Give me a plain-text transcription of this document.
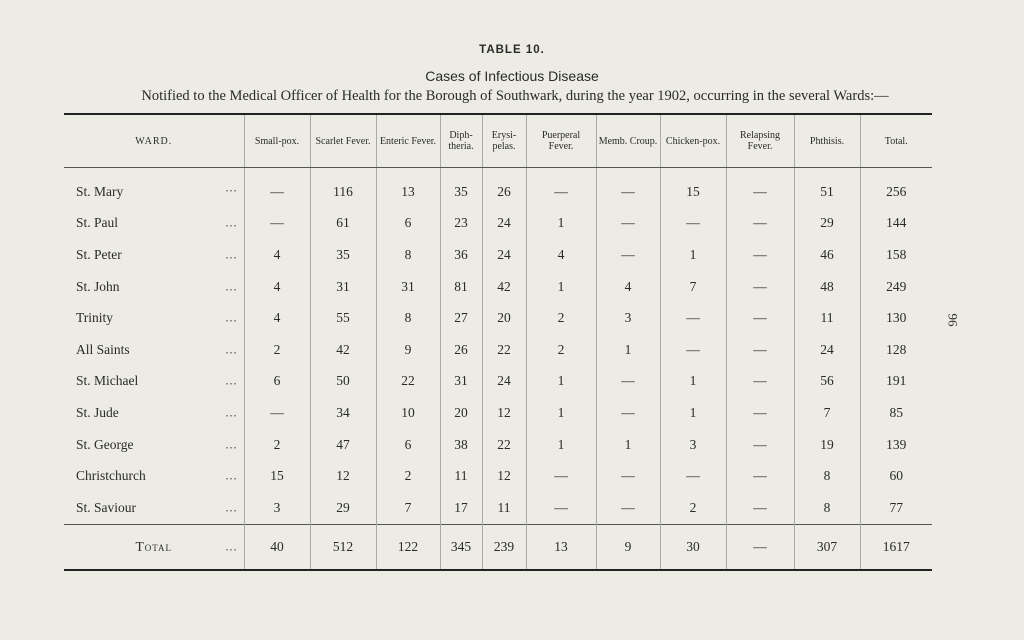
TABLE 10.
Cases of Infectious Disease
Notified to the Medical Officer of Health for the Borough of Southwark, during the year 1902, occurring in the several Wards:—
96
WARD.	Small-pox.	Scarlet Fever.	Enteric Fever.	Diph-theria.	Erysi-pelas.	Puerperal Fever.	Memb. Croup.	Chicken-pox.	Relapsing Fever.	Phthisis.	Total.
St. Mary ...	—	116	13	35	26	—	—	15	—	51	256
St. Paul ...	—	61	6	23	24	1	—	—	—	29	144
St. Peter ...	4	35	8	36	24	4	—	1	—	46	158
St. John ...	4	31	31	81	42	1	4	7	—	48	249
Trinity ...	4	55	8	27	20	2	3	—	—	11	130
All Saints ...	2	42	9	26	22	2	1	—	—	24	128
St. Michael ...	6	50	22	31	24	1	—	1	—	56	191
St. Jude ...	—	34	10	20	12	1	—	1	—	7	85
St. George ...	2	47	6	38	22	1	1	3	—	19	139
Christchurch ...	15	12	2	11	12	—	—	—	—	8	60
St. Saviour ...	3	29	7	17	11	—	—	2	—	8	77
Total ...	40	512	122	345	239	13	9	30	—	307	1617
